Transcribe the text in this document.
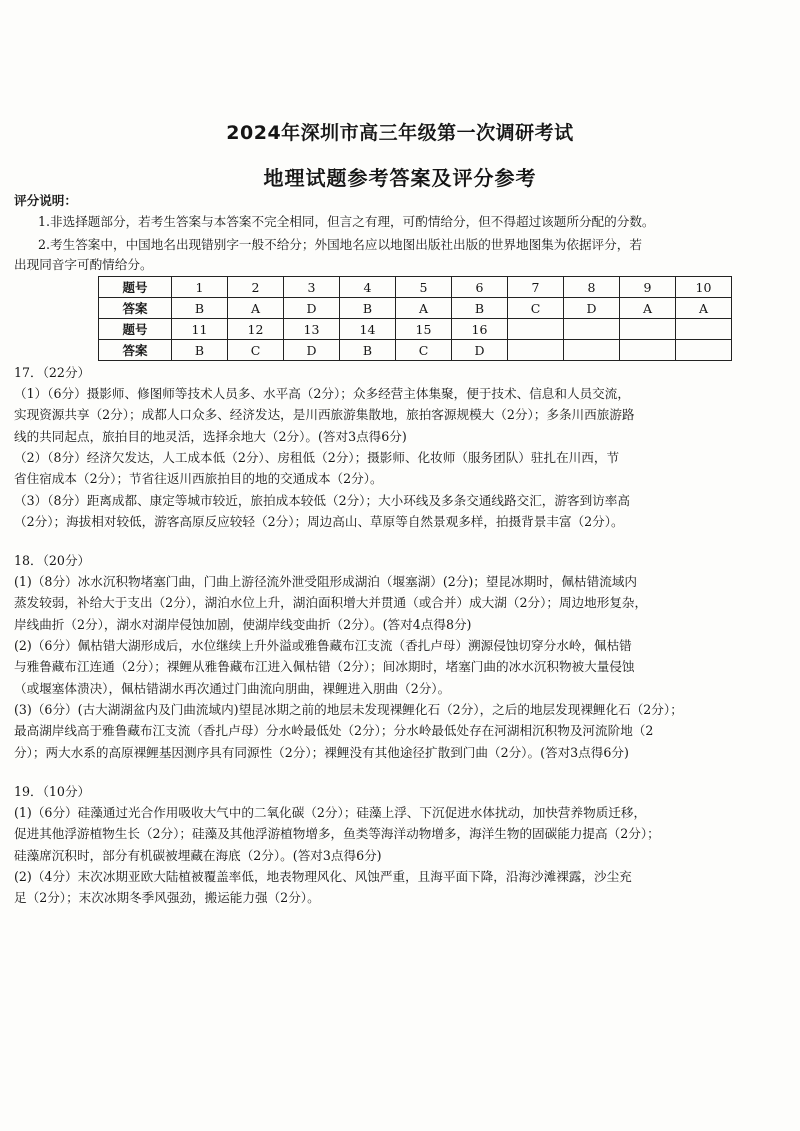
2024年深圳市高三年级第一次调研考试
地理试题参考答案及评分参考
评分说明：
1.非选择题部分，若考生答案与本答案不完全相同，但言之有理，可酌情给分，但不得超过该题所分配的分数。
2.考生答案中，中国地名出现错别字一般不给分；外国地名应以地图出版社出版的世界地图集为依据评分，若
出现同音字可酌情给分。
题号	1	2	3	4	5	6	7	8	9	10
答案	B	A	D	B	A	B	C	D	A	A
题号	11	12	13	14	15	16				
答案	B	C	D	B	C	D				
17．（22分）
（1）（6分）摄影师、修图师等技术人员多、水平高（2分）；众多经营主体集聚，便于技术、信息和人员交流，
实现资源共享（2分）；成都人口众多、经济发达，是川西旅游集散地，旅拍客源规模大（2分）；多条川西旅游路
线的共同起点，旅拍目的地灵活，选择余地大（2分）。(答对3点得6分)
（2）（8分）经济欠发达，人工成本低（2分）、房租低（2分）；摄影师、化妆师（服务团队）驻扎在川西，节
省住宿成本（2分）；节省往返川西旅拍目的地的交通成本（2分）。
（3）（8分）距离成都、康定等城市较近，旅拍成本较低（2分）；大小环线及多条交通线路交汇，游客到访率高
（2分）；海拔相对较低，游客高原反应较轻（2分）；周边高山、草原等自然景观多样，拍摄背景丰富（2分）。
18．（20分）
(1)（8分）冰水沉积物堵塞门曲，门曲上游径流外泄受阻形成湖泊（堰塞湖）(2分)；望昆冰期时，佩枯错流域内
蒸发较弱，补给大于支出（2分），湖泊水位上升，湖泊面积增大并贯通（或合并）成大湖（2分）；周边地形复杂，
岸线曲折（2分），湖水对湖岸侵蚀加剧，使湖岸线变曲折（2分）。(答对4点得8分)
(2)（6分）佩枯错大湖形成后，水位继续上升外溢或雅鲁藏布江支流（香扎卢母）溯源侵蚀切穿分水岭，佩枯错
与雅鲁藏布江连通（2分）；裸鲤从雅鲁藏布江进入佩枯错（2分）；间冰期时，堵塞门曲的冰水沉积物被大量侵蚀
（或堰塞体溃决），佩枯错湖水再次通过门曲流向朋曲，裸鲤进入朋曲（2分）。
(3)（6分）(古大湖湖盆内及门曲流域内)望昆冰期之前的地层未发现裸鲤化石（2分），之后的地层发现裸鲤化石（2分）；
最高湖岸线高于雅鲁藏布江支流（香扎卢母）分水岭最低处（2分）；分水岭最低处存在河湖相沉积物及河流阶地（2
分）；两大水系的高原裸鲤基因测序具有同源性（2分）；裸鲤没有其他途径扩散到门曲（2分）。(答对3点得6分)
19．（10分）
(1)（6分）硅藻通过光合作用吸收大气中的二氧化碳（2分）；硅藻上浮、下沉促进水体扰动，加快营养物质迁移，
促进其他浮游植物生长（2分）；硅藻及其他浮游植物增多，鱼类等海洋动物增多，海洋生物的固碳能力提高（2分）；
硅藻席沉积时，部分有机碳被埋藏在海底（2分）。(答对3点得6分)
(2)（4分）末次冰期亚欧大陆植被覆盖率低，地表物理风化、风蚀严重，且海平面下降，沿海沙滩裸露，沙尘充
足（2分）；末次冰期冬季风强劲，搬运能力强（2分）。
